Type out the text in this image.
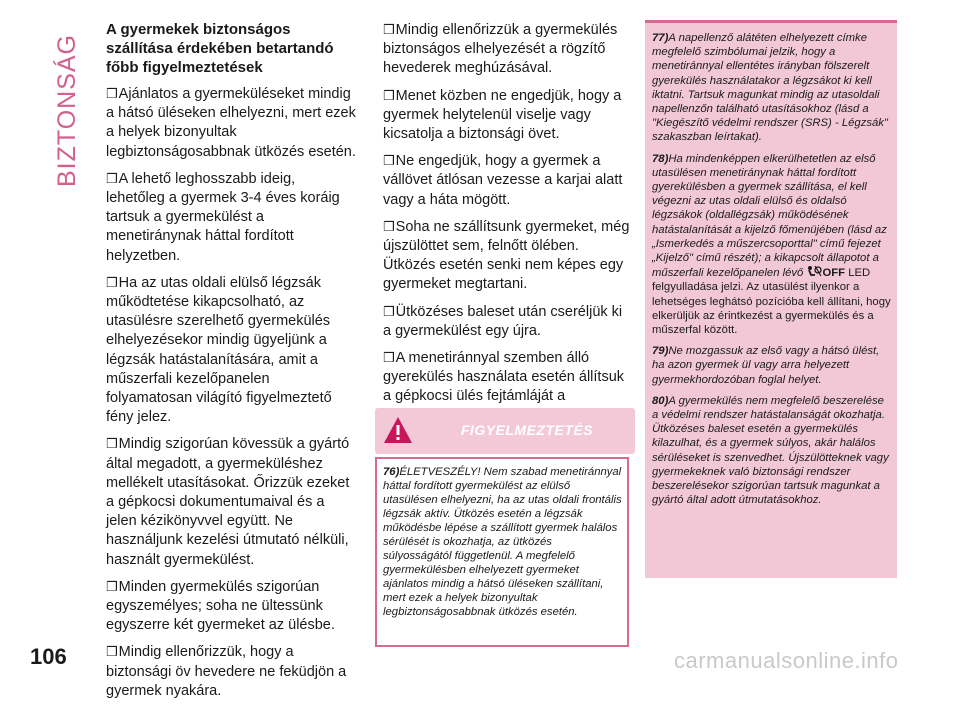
BIZTONSÁG
A gyermekek biztonságos szállítása érdekében betartandó főbb figyelmeztetések
❒Ajánlatos a gyermeküléseket mindig a hátsó üléseken elhelyezni, mert ezek a helyek bizonyultak legbiztonságosabbnak ütközés esetén.
❒A lehető leghosszabb ideig, lehetőleg a gyermek 3-4 éves koráig tartsuk a gyermekülést a menetiránynak háttal fordított helyzetben.
❒Ha az utas oldali elülső légzsák működtetése kikapcsolható, az utasülésre szerelhető gyermekülés elhelyezésekor mindig ügyeljünk a légzsák hatástalanítására, amit a műszerfali kezelőpanelen folyamatosan világító figyelmeztető fény jelez.
❒Mindig szigorúan kövessük a gyártó által megadott, a gyermeküléshez mellékelt utasításokat. Őrizzük ezeket a gépkocsi dokumentumaival és a jelen kézikönyvvel együtt. Ne használjunk kezelési útmutató nélküli, használt gyermekülést.
❒Minden gyermekülés szigorúan egyszemélyes; soha ne ültessünk egyszerre két gyermeket az ülésbe.
❒Mindig ellenőrizzük, hogy a biztonsági öv hevedere ne feküdjön a gyermek nyakára.
❒Mindig ellenőrizzük a gyermekülés biztonságos elhelyezését a rögzítő hevederek meghúzásával.
❒Menet közben ne engedjük, hogy a gyermek helytelenül viselje vagy kicsatolja a biztonsági övet.
❒Ne engedjük, hogy a gyermek a vállövet átlósan vezesse a karjai alatt vagy a háta mögött.
❒Soha ne szállítsunk gyermeket, még újszülöttet sem, felnőtt ölében. Ütközés esetén senki nem képes egy gyermeket megtartani.
❒Ütközéses baleset után cseréljük ki a gyermekülést egy újra.
❒A menetiránnyal szemben álló gyerekülés használata esetén állítsuk a gépkocsi ülés fejtámláját a
FIGYELMEZTETÉS
76)ÉLETVESZÉLY! Nem szabad menetiránnyal háttal fordított gyermekülést az elülső utasülésen elhelyezni, ha az utas oldali frontális légzsák aktív. Ütközés esetén a légzsák működésbe lépése a szállított gyermek halálos sérülését is okozhatja, az ütközés súlyosságától függetlenül. A megfelelő gyermekülésben elhelyezett gyermeket ajánlatos mindig a hátsó üléseken szállítani, mert ezek a helyek bizonyultak legbiztonságosabbnak ütközés esetén.

77)A napellenző alátéten elhelyezett címke megfelelő szimbólumai jelzik, hogy a menetiránnyal ellentétes irányban fölszerelt gyerekülés használatakor a légzsákot ki kell iktatni. Tartsuk magunkat mindig az utasoldali napellenzőn található utasításokhoz (lásd a "Kiegészítő védelmi rendszer (SRS) - Légzsák" szakaszban leírtakat).

78)Ha mindenképpen elkerülhetetlen az első utasülésen menetiránynak háttal fordított gyerekülésben a gyermek szállítása, el kell végezni az utas oldali elülső és oldalsó légzsákok (oldallégzsák) működésének hatástalanítását a kijelző főmenüjében (lásd az „Ismerkedés a műszercsoporttal" című fejezet „Kijelző" című részét); a kikapcsolt állapotot a műszerfali kezelőpanelen lévő OFF LED felgyulladása jelzi. Az utasülést ilyenkor a lehetséges leghátsó pozícióba kell állítani, hogy elkerüljük az érintkezést a gyermekülés és a műszerfal között.

79)Ne mozgassuk az első vagy a hátsó ülést, ha azon gyermek ül vagy arra helyezett gyermekhordozóban foglal helyet.

80)A gyermekülés nem megfelelő beszerelése a védelmi rendszer hatástalanságát okozhatja. Ütközéses baleset esetén a gyermekülés kilazulhat, és a gyermek súlyos, akár halálos sérüléseket is szenvedhet. Újszülötteknek vagy gyermekeknek való biztonsági rendszer beszerelésekor szigorúan tartsuk magunkat a gyártó által adott útmutatásokhoz.

106	carmanualsonline.info
